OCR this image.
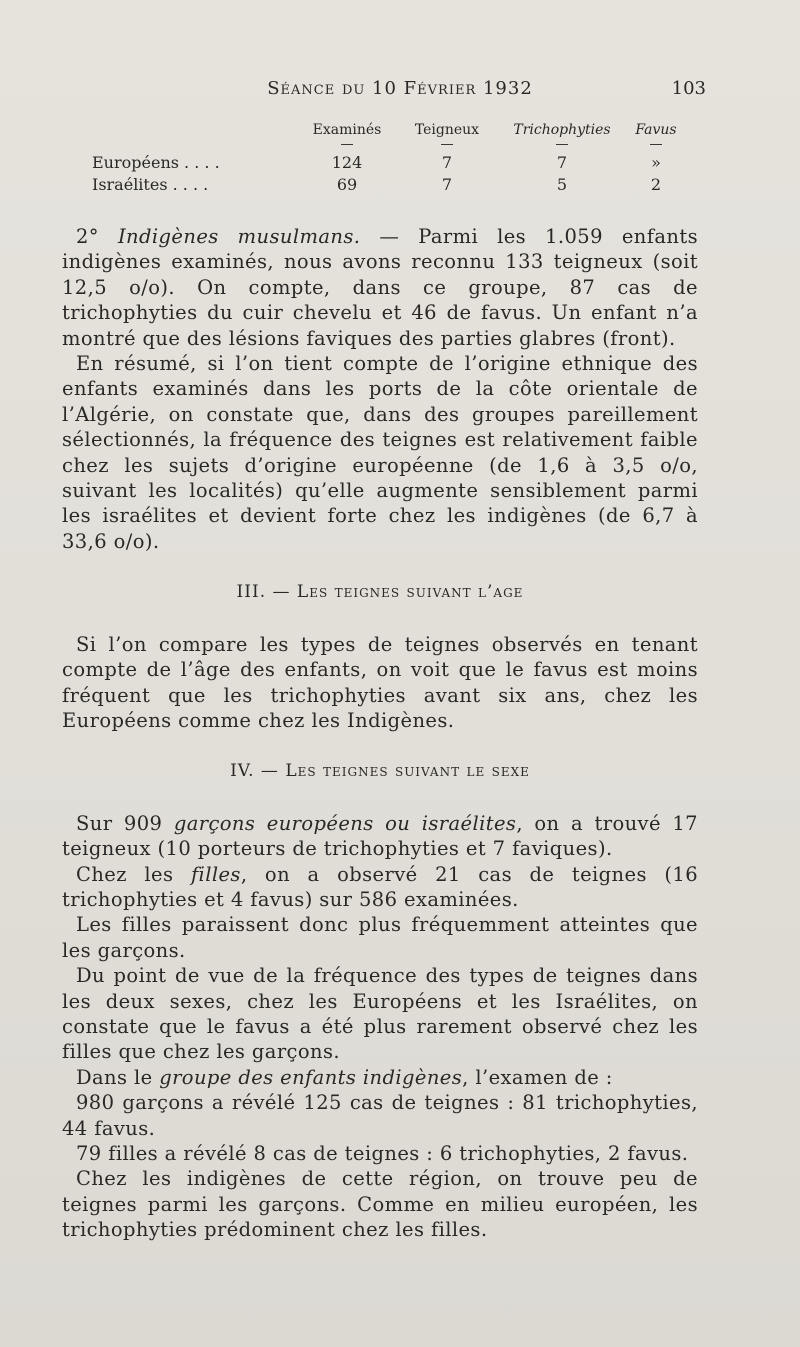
Séance du 10 Février 1932	103
	Examinés	Teigneux	Trichophyties	Favus

Européens . . . .	124	7	7	»
Israélites . . . .	69	7	5	2

2° Indigènes musulmans. — Parmi les 1.059 enfants indigènes examinés, nous avons reconnu 133 teigneux (soit 12,5 o/o). On compte, dans ce groupe, 87 cas de trichophyties du cuir chevelu et 46 de favus. Un enfant n’a montré que des lésions faviques des parties glabres (front).

En résumé, si l’on tient compte de l’origine ethnique des enfants examinés dans les ports de la côte orientale de l’Algérie, on constate que, dans des groupes pareillement sélectionnés, la fréquence des teignes est relativement faible chez les sujets d’origine européenne (de 1,6 à 3,5 o/o, suivant les localités) qu’elle augmente sensiblement parmi les israélites et devient forte chez les indigènes (de 6,7 à 33,6 o/o).

III. — Les teignes suivant l’age

Si l’on compare les types de teignes observés en tenant compte de l’âge des enfants, on voit que le favus est moins fréquent que les trichophyties avant six ans, chez les Européens comme chez les Indigènes.

IV. — Les teignes suivant le sexe

Sur 909 garçons européens ou israélites, on a trouvé 17 teigneux (10 porteurs de trichophyties et 7 faviques).

Chez les filles, on a observé 21 cas de teignes (16 trichophyties et 4 favus) sur 586 examinées.

Les filles paraissent donc plus fréquemment atteintes que les garçons.

Du point de vue de la fréquence des types de teignes dans les deux sexes, chez les Européens et les Israélites, on constate que le favus a été plus rarement observé chez les filles que chez les garçons.

Dans le groupe des enfants indigènes, l’examen de :

980 garçons a révélé 125 cas de teignes : 81 trichophyties, 44 favus.

79 filles a révélé 8 cas de teignes : 6 trichophyties, 2 favus.

Chez les indigènes de cette région, on trouve peu de teignes parmi les garçons. Comme en milieu européen, les trichophyties prédominent chez les filles.
